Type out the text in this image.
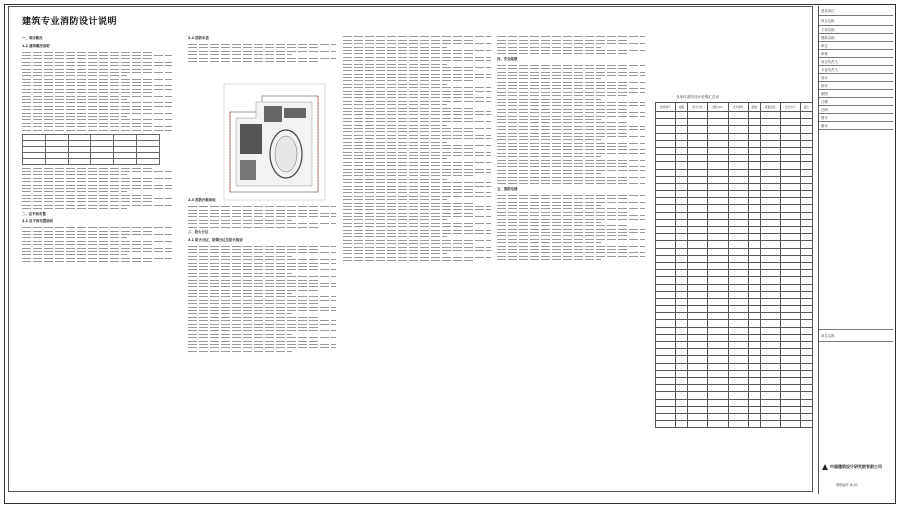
建筑专业消防设计说明

一、项目概况

1.1 建筑概况说明

二、总平面布置

2.1 总平面布置说明

2.2 消防车道

2.3 消防扑救场地

三、防火分区

3.1 防火分区、防烟分区及防火构造

四、安全疏散

五、消防电梯

各单体消防设计说明汇总表
建筑编号	楼栋	防火分区	面积(m²)	允许面积	层数	疏散宽度	安全出口	备注

建设单位
项目名称
子项名称
图纸名称
审定
审核
项目负责人
专业负责人
设计
校对
制图
日期
比例
图号
版本
项目名称
中国建筑设计研究院有限公司
图纸编号 JS-01
